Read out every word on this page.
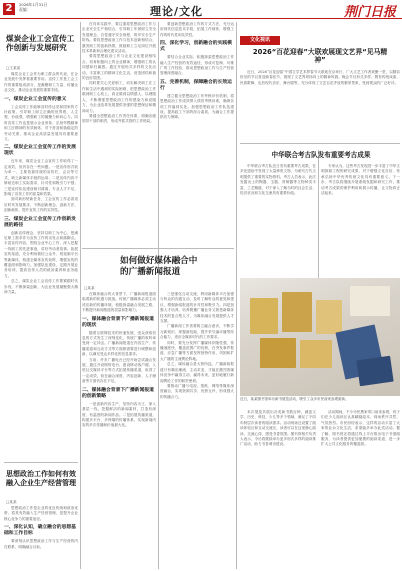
2	2026年1月31日
责编：	理论/文化	荆门日报
煤炭企业工会宣传工作创新与发展研究
□王某某

煤炭企业工会作为职工群众的代表，在企业发展中发挥着重要作用。宣传工作是工会工作的重要组成部分，是凝聚职工力量、传播企业文化、推动企业发展的重要手段。

一、煤炭企业工会宣传的意义

工会宣传工作能够及时传达党和国家的方针政策，引导职工树立正确的世界观、人生观、价值观，增强职工的凝聚力和向心力。同时宣传工作也是展示企业形象、弘扬劳模精神和工匠精神的有效载体，对于营造和谐稳定的劳动关系，推动企业高质量发展具有重要意义。

二、煤炭企业工会宣传工作的发展现状

近年来，煤炭企业工会宣传工作取得了一定成效，但仍存在一些问题。一是宣传形式较为单一，主要依靠传统的宣传栏、会议等方式，缺乏新媒体手段的运用；二是宣传内容不够贴近职工实际需求，针对性和吸引力不强；三是宣传队伍建设相对薄弱，专业人才不足，影响了宣传工作的质量和效果。

面对新形势新任务，工会宣传工作必须适应时代发展要求，不断创新理念、创新方法、创新载体，提升宣传工作的实效性。

三、煤炭企业工会宣传工作创新发展的路径

创新宣传理念，坚持以职工为中心，把满足职工需求作为宣传工作的出发点和落脚点。丰富宣传内容，围绕企业中心工作，深入挖掘一线职工的先进事迹，讲好劳动者故事。拓展宣传渠道，充分利用微信公众号、短视频平台等新媒体，构建全媒体宣传矩阵，增强宣传的覆盖面和影响力。加强队伍建设，定期开展业务培训，提高宣传人员的政治素养和业务能力。

总之，煤炭企业工会宣传工作要紧跟时代步伐，不断探索创新，为企业发展凝聚强大精神力量。

思想政治工作如何有效融入企业生产经营管理
□某某

思想政治工作是企业的优良传统和政治优势，将其有效融入生产经营管理，是提升企业核心竞争力的重要途径。

一、深化认知，确立融合的思想基础和工作目标

要深刻认识思想政治工作与生产经营的内在联系，明确融合目标。

在具体实践中，要注重将思想政治工作与企业安全生产相结合，引导职工牢固树立安全发展理念，自觉遵守安全规程，筑牢安全生产防线。要将思想政治工作与技术创新相结合，激发职工的创新热情，鼓励职工立足岗位开展技术革新和合理化建议活动。

要将思想政治工作与企业文化建设相结合，培育积极向上的企业精神，增强职工的认同感和归属感。通过开展形式多样的文化活动，丰富职工的精神文化生活，营造团结和谐的良好氛围。

同时要关心关爱职工，切实解决职工在工作和生活中遇到的实际困难，把思想政治工作做到职工心坎上，真正做到以情感人、以理服人，不断增强思想政治工作的感染力和说服力，为企业改革发展提供坚强的思想保证和精神动力。

要健全思想政治工作责任体系，明确各级领导干部的职责，形成齐抓共管的工作格局。

如何做好媒体融合中的广播新闻报道
□某某

在媒体融合的大背景下，广播新闻报道面临着新的机遇与挑战。传统广播媒体必须主动适应新的传播环境，积极探索融合发展之路，不断提升新闻报道的质量和影响力。

一、媒体融合背景下广播新闻报道的现状

随着互联网技术的快速发展，受众获取信息的方式发生了深刻变化，传统广播的收听率受到一定冲击。广播新闻报道在内容生产、传播渠道和互动方式等方面都需要进行调整和创新，以满足受众多样化的信息需求。

当前，许多广播电台已经开始尝试融合发展，通过开设网络电台、建设移动客户端、入驻社交媒体平台等方式拓展传播渠道，取得了一定成效。但在融合深度、内容创新、人才储备等方面仍存在不足。

二、媒体融合背景下广播新闻报道的创新策略

一是创新内容生产，坚持内容为王，深入基层一线，挖掘鲜活的新闻素材，打造有深度、有温度的新闻作品。二是拓展传播渠道，构建多平台、多终端的传播体系，实现新闻内容的多次传播和价值最大化。

三是强化互动交流，利用新媒体平台加强与听众的沟通互动，及时了解听众的意见和建议，增强新闻报道的针对性和吸引力。四是加强人才培养，培养既懂广播业务又熟悉新媒体技术的复合型人才，为媒体融合发展提供人才支撑。

广播新闻工作者要树立融合意识，不断学习新知识、掌握新技能，提升采写编评播等综合能力，适应全媒体时代的工作要求。

同时，要充分发挥广播媒体伴随性强、传播速度快、覆盖范围广的优势，在突发事件报道、应急广播等方面发挥独特作用，巩固和扩大广播的主流舆论阵地。

总之，媒体融合是大势所趋，广播新闻报道只有顺应潮流、主动求变，才能在激烈的媒体竞争中赢得主动、赢得未来，更好地履行新闻舆论工作的职责使命。

要推动广播与电视、报纸、网络等媒体深度融合，实现资源共享、优势互补，形成强大的传播合力。

要创新思想政治工作的方式方法，充分运用现代信息技术手段，拓展工作载体，增强工作的时代性和实效性。

四、深化学习，创新融合的实践模式

要结合企业实际，积极探索思想政治工作融入生产经营的有效途径，形成可复制、可推广的工作经验，推动思想政治工作与生产经营管理深度融合。

五、完善机制，保障融合的长效运行

建立健全思想政治工作考核评价机制，将思想政治工作成效纳入绩效考核体系，确保各项工作落到实处。加强思想政治工作队伍建设，提高政工干部的综合素质，为融合工作提供有力保障。

文化视讯
2026“百花迎春”大联欢展现文艺界“见马精神”

近日，2026“百花迎春”中国文学艺术界春节大联欢在京举行，广大文艺工作者欢聚一堂，以精彩纷呈的节目喜迎新春佳节，展现了文艺界昂扬向上的精神风貌。晚会节目形式多样，既有传统戏曲、民族歌舞，也有现代音乐、舞台剧等，充分体现了文艺百花齐放的繁荣景象，受到观众的广泛好评。

中华联合考古队发布重要考古成果

中华联合考古队近日发布重要考古成果，在多处遗址中发现了大量珍贵文物，为研究古代文明提供了重要的实物资料。考古人员表示，此次发掘出土的陶器、玉器、青铜器等文物种类丰富、工艺精湛，对于深入了解当时的社会生活、经济状况和文化交流具有重要价值。

专家认为，这些考古发现进一步丰富了中华文明探源工程的研究成果，对于增强文化自信、传承弘扬中华优秀传统文化具有重要意义。下一步，考古队将继续开展系统发掘和研究工作，推动考古成果的保护利用和展示传播，让文物真正活起来。

近日，某某图书馆举办新书展览活动，吸引了众多市民前来参观阅读。

本次展览共展出各类新书数百种，涵盖文学、历史、科技、少儿等多个领域，满足了不同年龄层次读者的阅读需求。活动现场还设置了阅读体验区和互动交流区，读者可以在这里静心阅读、交流心得，感受书香氛围。图书馆相关负责人表示，今后将继续举办更多形式多样的阅读推广活动，助力书香城市建设。

活动期间，不少市民携家带口前来参观，孩子们在少儿阅读区认真翻阅绘本，现场秩序井然、气氛热烈。市民纷纷表示，这样的活动丰富了大家的业余文化生活，希望能多举办此类活动。据了解，图书馆还将通过线上平台推出电子书借阅服务，为读者提供更加便捷的阅读渠道，进一步扩大公共文化服务的覆盖面。
